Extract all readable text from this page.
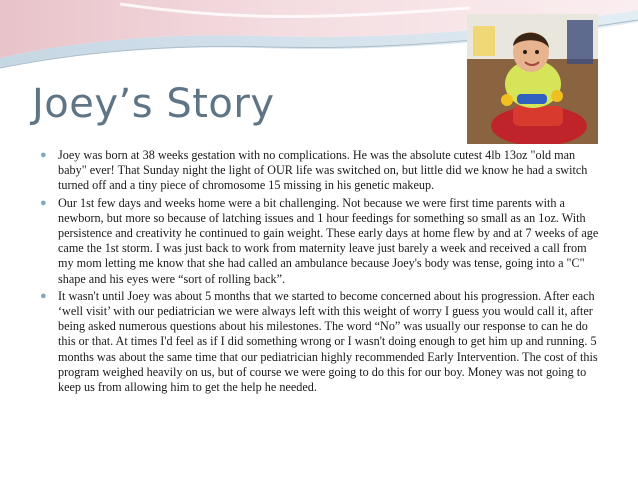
Joey’s Story
● Joey was born at 38 weeks gestation with no complications. He was the absolute cutest 4lb 13oz "old man baby" ever! That Sunday night the light of OUR life was switched on, but little did we know he had a switch turned off and a tiny piece of chromosome 15 missing in his genetic makeup.
● Our 1st few days and weeks home were a bit challenging. Not because we were first time parents with a newborn, but more so because of latching issues and 1 hour feedings for something so small as an 1oz. With persistence and creativity he continued to gain weight. These early days at home flew by and at 7 weeks of age came the 1st storm. I was just back to work from maternity leave just barely a week and received a call from my mom letting me know that she had called an ambulance because Joey's body was tense, going into a "C" shape and his eyes were “sort of rolling back”.
● It wasn't until Joey was about 5 months that we started to become concerned about his progression. After each ‘well visit’ with our pediatrician we were always left with this weight of worry I guess you would call it, after being asked numerous questions about his milestones. The word “No” was usually our response to can he do this or that. At times I'd feel as if I did something wrong or I wasn't doing enough to get him up and running. 5 months was about the same time that our pediatrician highly recommended Early Intervention. The cost of this program weighed heavily on us, but of course we were going to do this for our boy. Money was not going to keep us from allowing him to get the help he needed.
